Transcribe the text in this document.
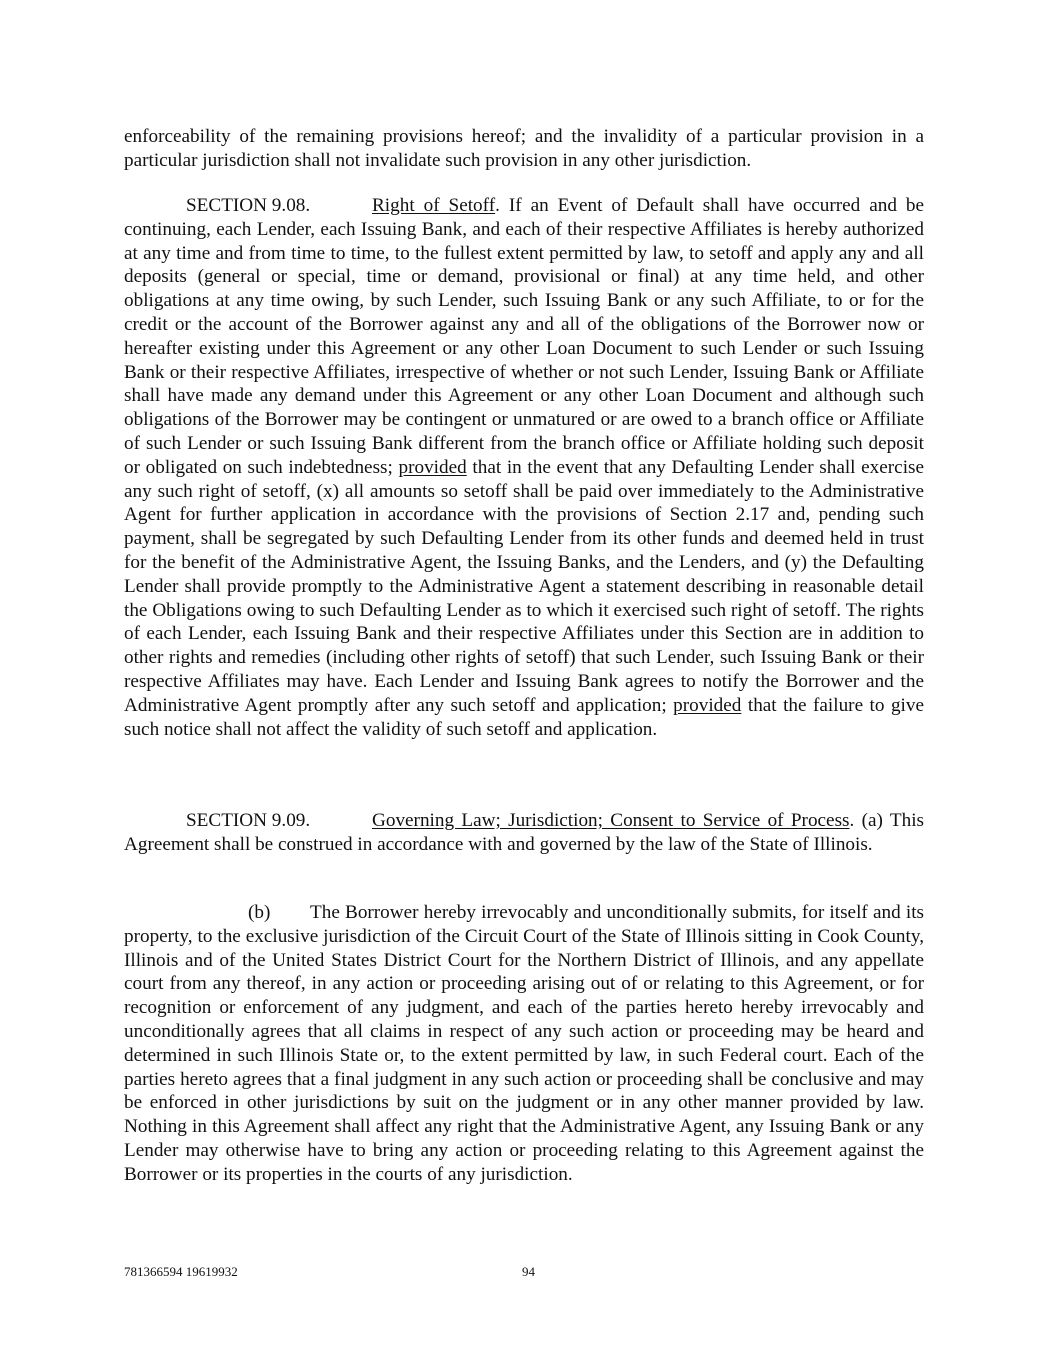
enforceability of the remaining provisions hereof; and the invalidity of a particular provision in a particular jurisdiction shall not invalidate such provision in any other jurisdiction.

SECTION 9.08.	Right of Setoff. If an Event of Default shall have occurred and be continuing, each Lender, each Issuing Bank, and each of their respective Affiliates is hereby authorized at any time and from time to time, to the fullest extent permitted by law, to setoff and apply any and all deposits (general or special, time or demand, provisional or final) at any time held, and other obligations at any time owing, by such Lender, such Issuing Bank or any such Affiliate, to or for the credit or the account of the Borrower against any and all of the obligations of the Borrower now or hereafter existing under this Agreement or any other Loan Document to such Lender or such Issuing Bank or their respective Affiliates, irrespective of whether or not such Lender, Issuing Bank or Affiliate shall have made any demand under this Agreement or any other Loan Document and although such obligations of the Borrower may be contingent or unmatured or are owed to a branch office or Affiliate of such Lender or such Issuing Bank different from the branch office or Affiliate holding such deposit or obligated on such indebtedness; provided that in the event that any Defaulting Lender shall exercise any such right of setoff, (x) all amounts so setoff shall be paid over immediately to the Administrative Agent for further application in accordance with the provisions of Section 2.17 and, pending such payment, shall be segregated by such Defaulting Lender from its other funds and deemed held in trust for the benefit of the Administrative Agent, the Issuing Banks, and the Lenders, and (y) the Defaulting Lender shall provide promptly to the Administrative Agent a statement describing in reasonable detail the Obligations owing to such Defaulting Lender as to which it exercised such right of setoff. The rights of each Lender, each Issuing Bank and their respective Affiliates under this Section are in addition to other rights and remedies (including other rights of setoff) that such Lender, such Issuing Bank or their respective Affiliates may have. Each Lender and Issuing Bank agrees to notify the Borrower and the Administrative Agent promptly after any such setoff and application; provided that the failure to give such notice shall not affect the validity of such setoff and application.

SECTION 9.09.	Governing Law; Jurisdiction; Consent to Service of Process. (a) This Agreement shall be construed in accordance with and governed by the law of the State of Illinois.

(b) The Borrower hereby irrevocably and unconditionally submits, for itself and its property, to the exclusive jurisdiction of the Circuit Court of the State of Illinois sitting in Cook County, Illinois and of the United States District Court for the Northern District of Illinois, and any appellate court from any thereof, in any action or proceeding arising out of or relating to this Agreement, or for recognition or enforcement of any judgment, and each of the parties hereto hereby irrevocably and unconditionally agrees that all claims in respect of any such action or proceeding may be heard and determined in such Illinois State or, to the extent permitted by law, in such Federal court. Each of the parties hereto agrees that a final judgment in any such action or proceeding shall be conclusive and may be enforced in other jurisdictions by suit on the judgment or in any other manner provided by law. Nothing in this Agreement shall affect any right that the Administrative Agent, any Issuing Bank or any Lender may otherwise have to bring any action or proceeding relating to this Agreement against the Borrower or its properties in the courts of any jurisdiction.

781366594 19619932	94
